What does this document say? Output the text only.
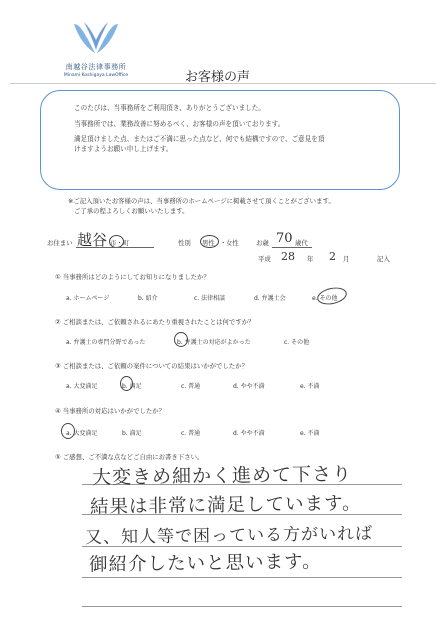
南越谷法律事務所
Minami Koshigaya LawOffice	お客様の声

このたびは、当事務所をご利用頂き、ありがとうございました。

当事務所では、業務改善に努めるべく、お客様の声を頂いております。

満足頂けました点、またはご不満に思った点など、何でも結構ですので、ご意見を頂

けますようお願い申し上げます。

※ご記入頂いたお客様の声は、当事務所のホームページに掲載させて頂くことがございます。
ご了承の程よろしくお願いいたします。
お住まい 越谷 市・町	性別 男性 ・ 女性	お歳 70 歳代
平成 28 年 2 月	記入
① 当事務所はどのようにしてお知りになりましたか？
a. ホームページ	b. 紹介	c. 法律相談	d. 弁護士会	e. その他
② ご相談または、ご依頼されるにあたり重視されたことは何ですか？
a. 弁護士の専門分野であった	b. 弁護士の対応がよかった	c. その他
③ ご相談または、ご依頼の案件についての結果はいかがでしたか？
a. 大変満足	b. 満足	c. 普通	d. やや不満	e. 不満
④ 当事務所の対応はいかがでしたか？
a. 大変満足	b. 満足	c. 普通	d. やや不満	e. 不満
⑤ ご感想、ご不満な点などご自由にお書き下さい。
大変きめ細かく進めて下さり
結果は非常に満足しています。
又、知人等で困っている方がいれば
御紹介したいと思います。
